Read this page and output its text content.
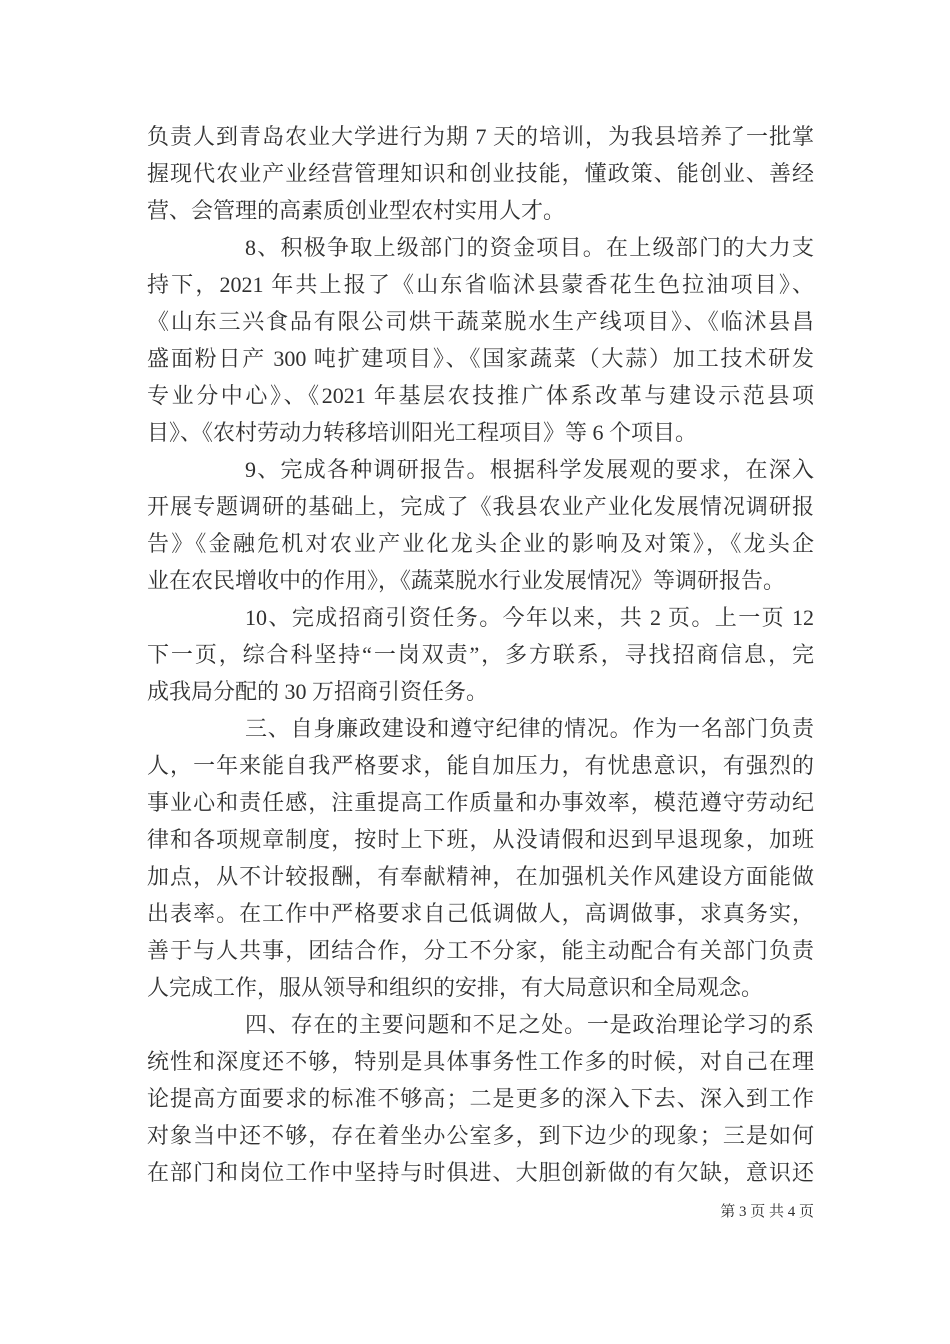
负责人到青岛农业大学进行为期 7 天的培训，为我县培养了一批掌
握现代农业产业经营管理知识和创业技能，懂政策、能创业、善经
营、会管理的高素质创业型农村实用人才。
8、积极争取上级部门的资金项目。在上级部门的大力支
持下，2021 年共上报了《山东省临沭县蒙香花生色拉油项目》、
《山东三兴食品有限公司烘干蔬菜脱水生产线项目》、《临沭县昌
盛面粉日产 300 吨扩建项目》、《国家蔬菜（大蒜）加工技术研发
专业分中心》、《2021 年基层农技推广体系改革与建设示范县项
目》、《农村劳动力转移培训阳光工程项目》等 6 个项目。
9、完成各种调研报告。根据科学发展观的要求，在深入
开展专题调研的基础上，完成了《我县农业产业化发展情况调研报
告》《金融危机对农业产业化龙头企业的影响及对策》，《龙头企
业在农民增收中的作用》，《蔬菜脱水行业发展情况》等调研报告。
10、完成招商引资任务。今年以来，共 2 页。上一页 12
下一页，综合科坚持“一岗双责”，多方联系，寻找招商信息，完
成我局分配的 30 万招商引资任务。
三、自身廉政建设和遵守纪律的情况。作为一名部门负责
人，一年来能自我严格要求，能自加压力，有忧患意识，有强烈的
事业心和责任感，注重提高工作质量和办事效率，模范遵守劳动纪
律和各项规章制度，按时上下班，从没请假和迟到早退现象，加班
加点，从不计较报酬，有奉献精神，在加强机关作风建设方面能做
出表率。在工作中严格要求自己低调做人，高调做事，求真务实，
善于与人共事，团结合作，分工不分家，能主动配合有关部门负责
人完成工作，服从领导和组织的安排，有大局意识和全局观念。
四、存在的主要问题和不足之处。一是政治理论学习的系
统性和深度还不够，特别是具体事务性工作多的时候，对自己在理
论提高方面要求的标准不够高；二是更多的深入下去、深入到工作
对象当中还不够，存在着坐办公室多，到下边少的现象；三是如何
在部门和岗位工作中坚持与时俱进、大胆创新做的有欠缺，意识还
第 3 页 共 4 页
